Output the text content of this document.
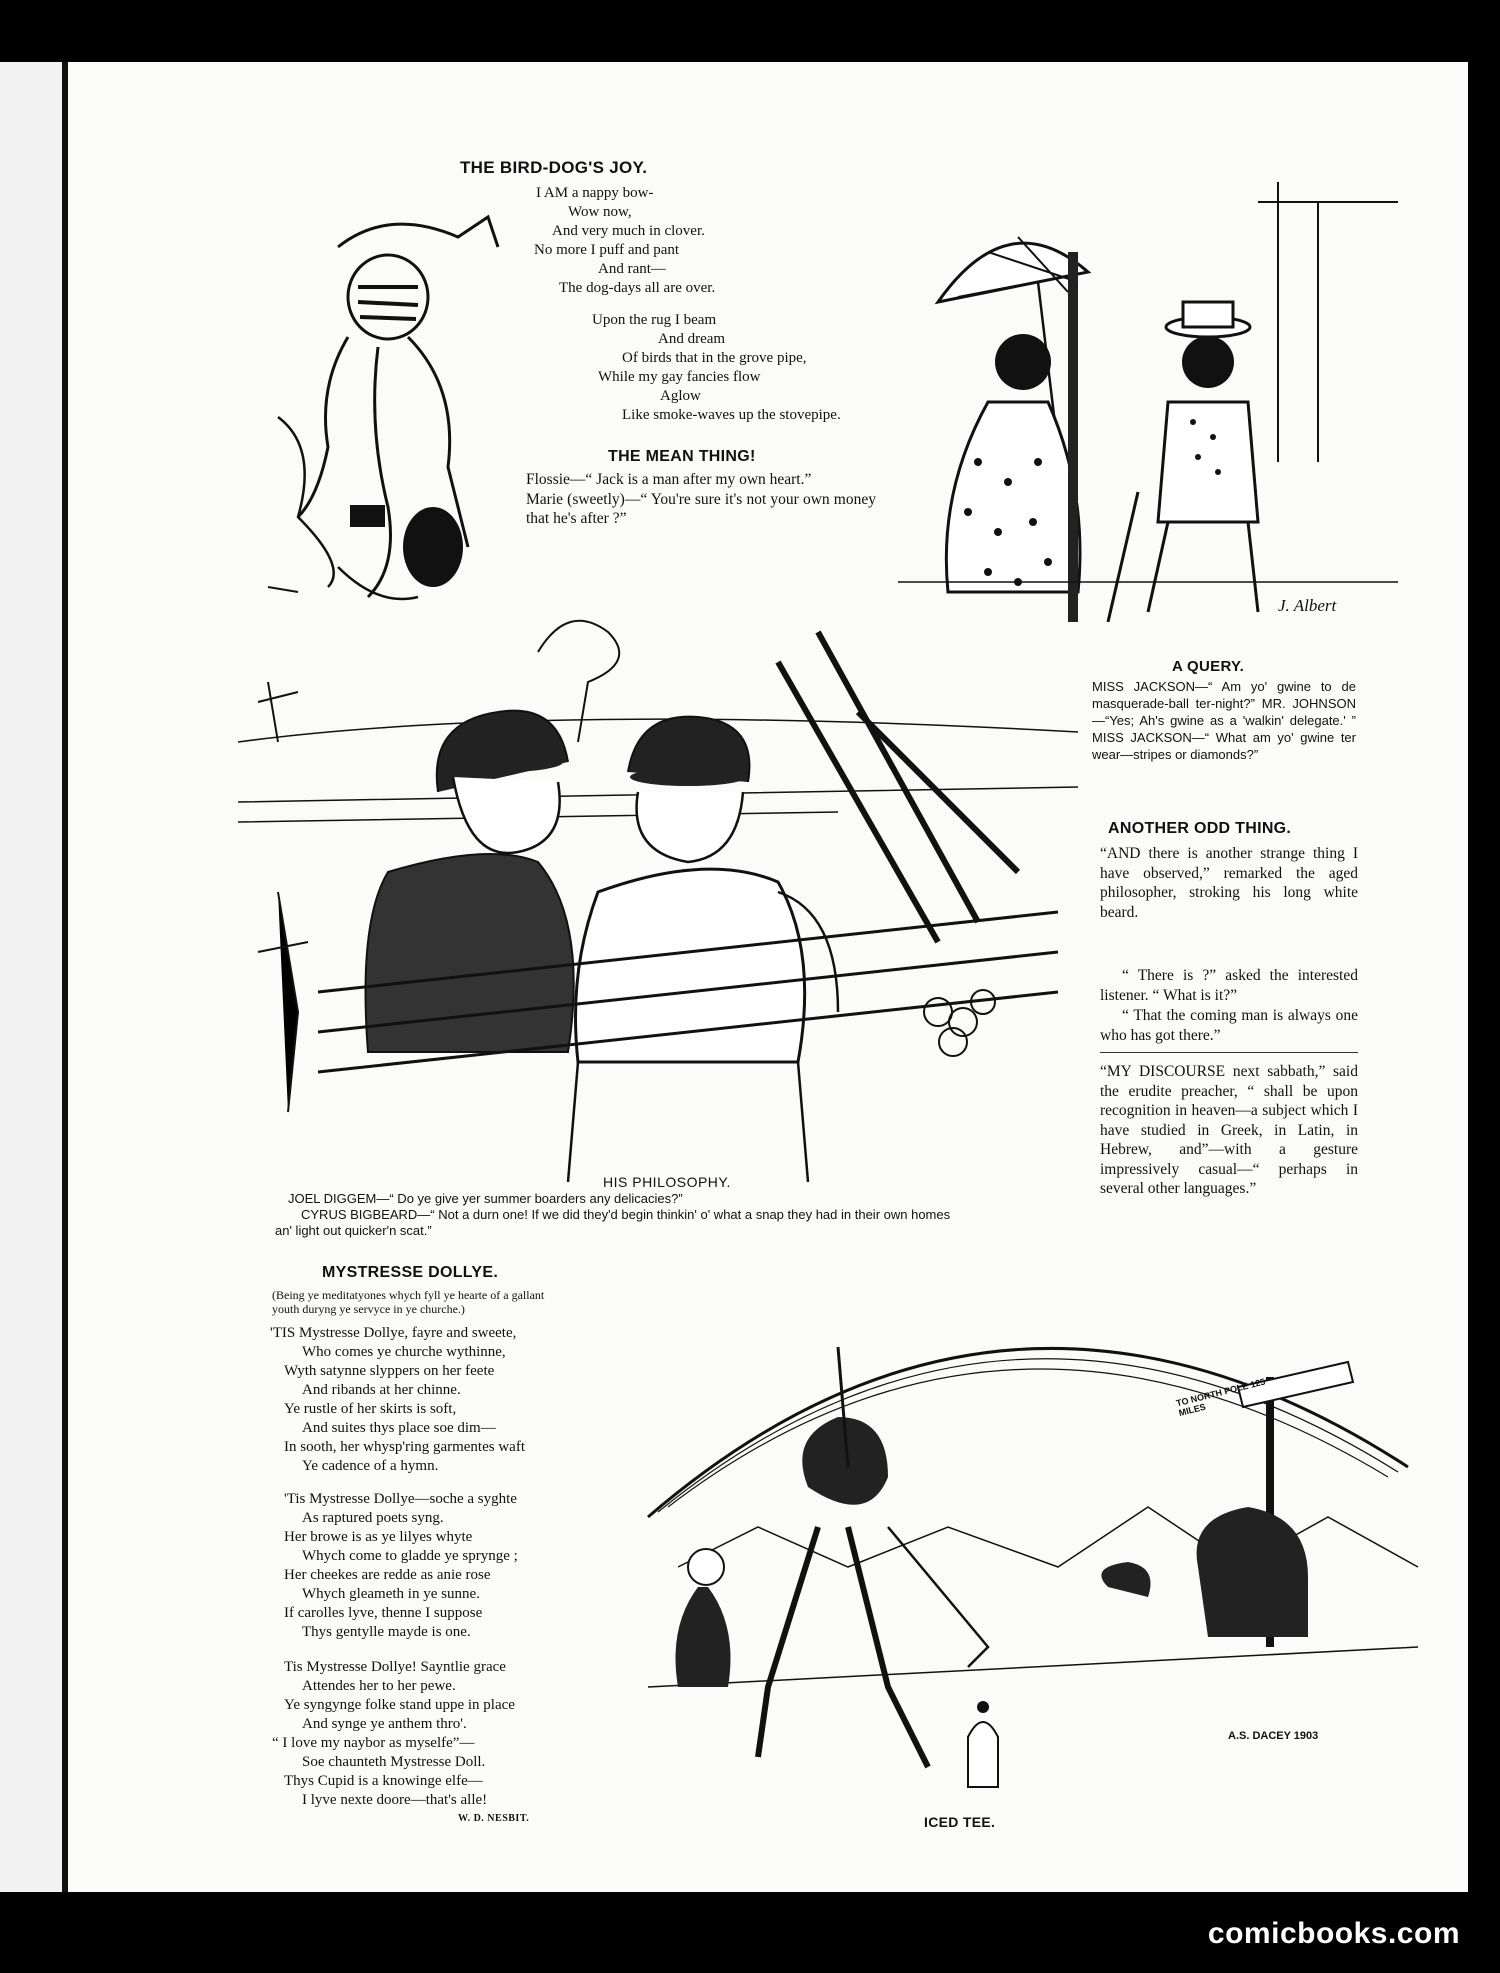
THE BIRD-DOG'S JOY.
I AM a nappy bow-
Wow now,
And very much in clover.
No more I puff and pant
And rant—
The dog-days all are over.
Upon the rug I beam
And dream
Of birds that in the grove pipe,
While my gay fancies flow
Aglow
Like smoke-waves up the stovepipe.
THE MEAN THING!
Flossie—“ Jack is a man after my own heart.”
Marie (sweetly)—“ You're sure it's not your own money that he's after ?”
J. Albert
A QUERY.
MISS JACKSON—“ Am yo' gwine to de masquerade-ball ter-night?” MR. JOHNSON—“Yes; Ah's gwine as a 'walkin' delegate.' ” MISS JACKSON—“ What am yo' gwine ter wear—stripes or diamonds?”
ANOTHER ODD THING.
“AND there is another strange thing I have observed,” remarked the aged philosopher, stroking his long white beard.
“ There is ?” asked the interested listener. “ What is it?”
“ That the coming man is always one who has got there.”
“MY DISCOURSE next sabbath,” said the erudite preacher, “ shall be upon recognition in heaven—a subject which I have studied in Greek, in Latin, in Hebrew, and”—with a gesture impressively casual—“ perhaps in several other languages.”
HIS PHILOSOPHY.
JOEL DIGGEM—“ Do ye give yer summer boarders any delicacies?”
CYRUS BIGBEARD—“ Not a durn one! If we did they'd begin thinkin' o' what a snap they had in their own homes
an' light out quicker'n scat.”
MYSTRESSE DOLLYE.
(Being ye meditatyones whych fyll ye hearte of a gallant youth duryng ye servyce in ye churche.)
'TIS Mystresse Dollye, fayre and sweete,
Who comes ye churche wythinne,
Wyth satynne slyppers on her feete
And ribands at her chinne.
Ye rustle of her skirts is soft,
And suites thys place soe dim—
In sooth, her whysp'ring garmentes waft
Ye cadence of a hymn.
'Tis Mystresse Dollye—soche a syghte
As raptured poets syng.
Her browe is as ye lilyes whyte
Whych come to gladde ye sprynge ;
Her cheekes are redde as anie rose
Whych gleameth in ye sunne.
If carolles lyve, thenne I suppose
Thys gentylle mayde is one.
Tis Mystresse Dollye! Sayntlie grace
Attendes her to her pewe.
Ye syngynge folke stand uppe in place
And synge ye anthem thro'.
“ I love my naybor as myselfe”—
Soe chaunteth Mystresse Doll.
Thys Cupid is a knowinge elfe—
I lyve nexte doore—that's alle!
W. D. NESBIT.
TO NORTH POLE 125 MILES
A.S. DACEY 1903
ICED TEE.
comicbooks.com
